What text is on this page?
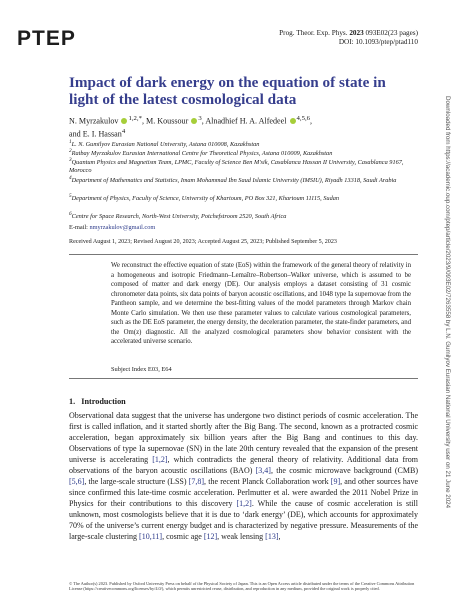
PTEP	Prog. Theor. Exp. Phys. 2023 093E02(23 pages)
DOI: 10.1093/ptep/ptad110
Downloaded from https://academic.oup.com/ptep/article/2023/9/093E02/7263558 by L.N. Gumilyov Eurasian National University user on 21 June 2024
Impact of dark energy on the equation of state in light of the latest cosmological data
N. Myrzakulov $^{1,2,*}$, M. Koussour $^3$, Alnadhief H. A. Alfedeel $^{4,5,6}$,
and E. I. Hassan$^4$
$^1$L. N. Gumilyov Eurasian National University, Astana 010008, Kazakhstan
$^2$Ratbay Myrzakulov Eurasian International Centre for Theoretical Physics, Astana 010009, Kazakhstan
$^3$Quantum Physics and Magnetism Team, LPMC, Faculty of Science Ben M'sik, Casablanca Hassan II University, Casablanca 9167, Morocco
$^4$Department of Mathematics and Statistics, Imam Mohammad Ibn Saud Islamic University (IMSIU), Riyadh 13318, Saudi Arabia
$^5$Department of Physics, Faculty of Science, University of Khartoum, PO Box 321, Khartoum 11115, Sudan
$^6$Centre for Space Research, North-West University, Potchefstroom 2520, South Africa
E-mail: nmyrzakulov@gmail.com
Received August 1, 2023; Revised August 20, 2023; Accepted August 25, 2023; Published September 5, 2023
We reconstruct the effective equation of state (EoS) within the framework of the general theory of relativity in a homogeneous and isotropic Friedmann–Lemaître–Robertson–Walker universe, which is assumed to be composed of matter and dark energy (DE). Our analysis employs a dataset consisting of 31 cosmic chronometer data points, six data points of baryon acoustic oscillations, and 1048 type Ia supernovae from the Pantheon sample, and we determine the best-fitting values of the model parameters through Markov chain Monte Carlo simulation. We then use these parameter values to calculate various cosmological parameters, such as the DE EoS parameter, the energy density, the deceleration parameter, the state-finder parameters, and the Om(z) diagnostic. All the analyzed cosmological parameters show behavior consistent with the accelerated universe scenario.
Subject Index E03, E64
1. Introduction
Observational data suggest that the universe has undergone two distinct periods of cosmic acceleration. The first is called inflation, and it started shortly after the Big Bang. The second, known as a protracted cosmic acceleration, began approximately six billion years after the Big Bang and continues to this day. Observations of type Ia supernovae (SN) in the late 20th century revealed that the expansion of the present universe is accelerating [1,2], which contradicts the general theory of relativity. Additional data from observations of the baryon acoustic oscillations (BAO) [3,4], the cosmic microwave background (CMB) [5,6], the large-scale structure (LSS) [7,8], the recent Planck Collaboration work [9], and other sources have since confirmed this late-time cosmic acceleration. Perlmutter et al. were awarded the 2011 Nobel Prize in Physics for their contributions to this discovery [1,2]. While the cause of cosmic acceleration is still unknown, most cosmologists believe that it is due to ‘dark energy’ (DE), which accounts for approximately 70% of the universe’s current energy budget and is characterized by negative pressure. Measurements of the large-scale clustering [10,11], cosmic age [12], weak lensing [13],
© The Author(s) 2023. Published by Oxford University Press on behalf of the Physical Society of Japan. This is an Open Access article distributed under the terms of the Creative Commons Attribution License (https://creativecommons.org/licenses/by/4.0/), which permits unrestricted reuse, distribution, and reproduction in any medium, provided the original work is properly cited.
